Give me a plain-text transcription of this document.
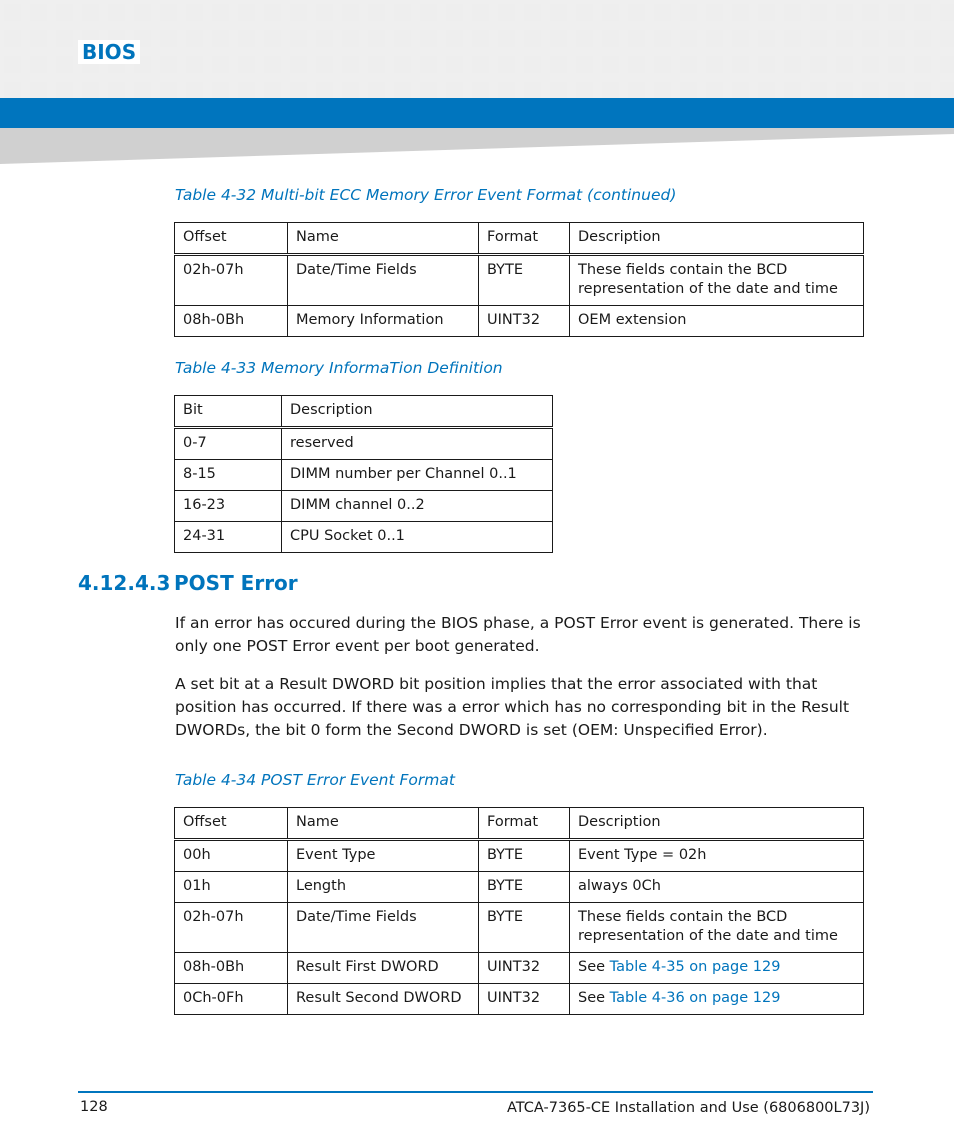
BIOS
Table 4-32 Multi-bit ECC Memory Error Event Format (continued)
Offset	Name	Format	Description
02h-07h	Date/Time Fields	BYTE	These fields contain the BCD representation of the date and time
08h-0Bh	Memory Information	UINT32	OEM extension
Table 4-33 Memory InformaTion Definition
Bit	Description
0-7	reserved
8-15	DIMM number per Channel 0..1
16-23	DIMM channel 0..2
24-31	CPU Socket 0..1
4.12.4.3 POST Error

If an error has occured during the BIOS phase, a POST Error event is generated. There is only one POST Error event per boot generated.

A set bit at a Result DWORD bit position implies that the error associated with that position has occurred. If there was a error which has no corresponding bit in the Result DWORDs, the bit 0 form the Second DWORD is set (OEM: Unspecified Error).

Table 4-34 POST Error Event Format
Offset	Name	Format	Description
00h	Event Type	BYTE	Event Type = 02h
01h	Length	BYTE	always 0Ch
02h-07h	Date/Time Fields	BYTE	These fields contain the BCD representation of the date and time
08h-0Bh	Result First DWORD	UINT32	See Table 4-35 on page 129
0Ch-0Fh	Result Second DWORD	UINT32	See Table 4-36 on page 129
128	ATCA-7365-CE Installation and Use (6806800L73J)
